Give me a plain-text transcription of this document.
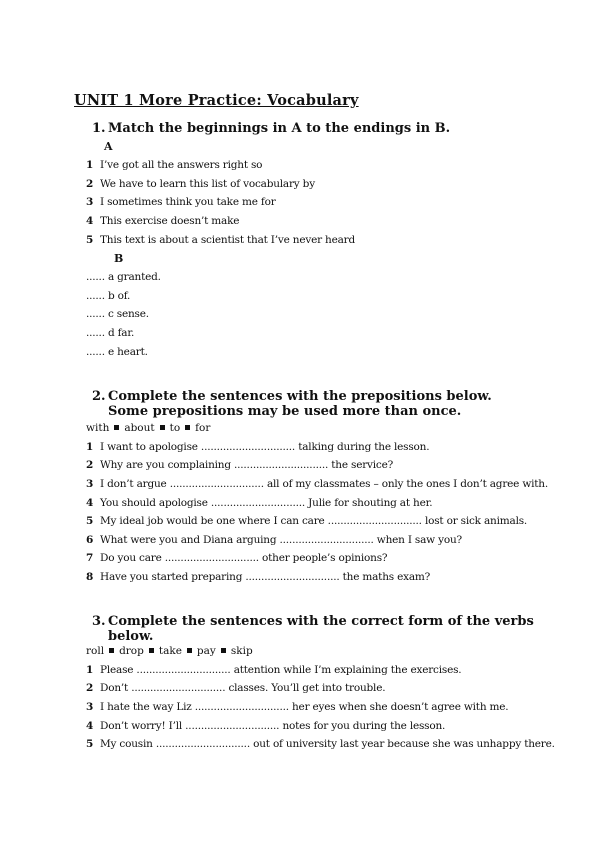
UNIT 1 More Practice: Vocabulary
1. Match the beginnings in A to the endings in B.
A
1 I’ve got all the answers right so
2 We have to learn this list of vocabulary by
3 I sometimes think you take me for
4 This exercise doesn’t make
5 This text is about a scientist that I’ve never heard
B
...... a granted.
...... b of.
...... c sense.
...... d far.
...... e heart.
2. Complete the sentences with the prepositions below.
Some prepositions may be used more than once.
with about to for
1 I want to apologise .............................. talking during the lesson.
2 Why are you complaining .............................. the service?
3 I don’t argue .............................. all of my classmates – only the ones I don’t agree with.
4 You should apologise .............................. Julie for shouting at her.
5 My ideal job would be one where I can care .............................. lost or sick animals.
6 What were you and Diana arguing .............................. when I saw you?
7 Do you care .............................. other people’s opinions?
8 Have you started preparing .............................. the maths exam?
3. Complete the sentences with the correct form of the verbs
below.
roll drop take pay skip
1 Please .............................. attention while I’m explaining the exercises.
2 Don’t .............................. classes. You’ll get into trouble.
3 I hate the way Liz .............................. her eyes when she doesn’t agree with me.
4 Don’t worry! I’ll .............................. notes for you during the lesson.
5 My cousin .............................. out of university last year because she was unhappy there.
